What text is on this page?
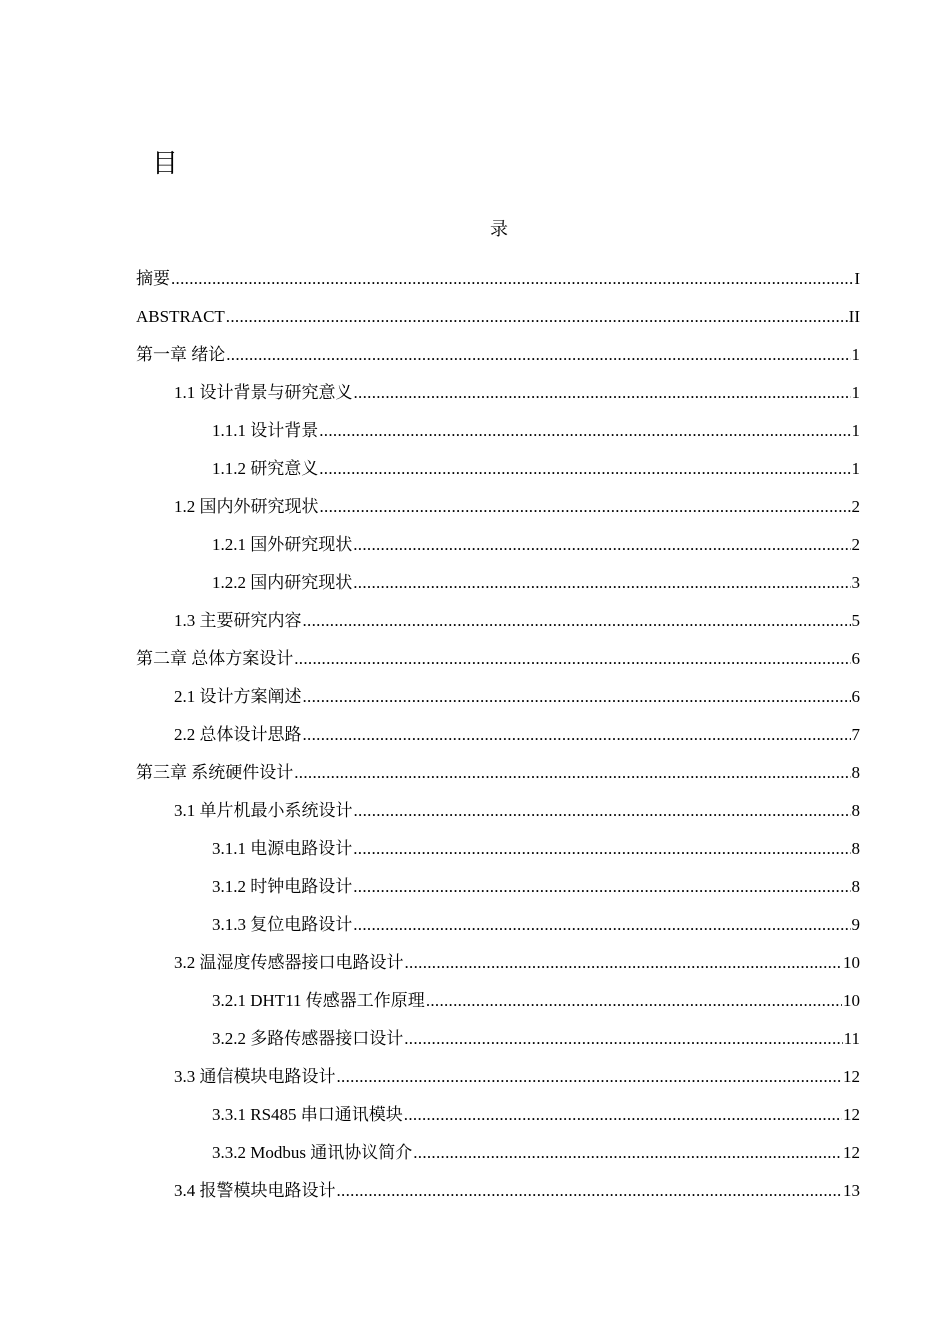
目
录
摘要 .....	I
ABSTRACT .....	II
第一章 绪论 .....	1
1.1 设计背景与研究意义 .....	1
1.1.1 设计背景 .....	1
1.1.2 研究意义 .....	1
1.2 国内外研究现状 .....	2
1.2.1 国外研究现状 .....	2
1.2.2 国内研究现状 .....	3
1.3 主要研究内容 .....	5
第二章 总体方案设计 .....	6
2.1 设计方案阐述 .....	6
2.2 总体设计思路 .....	7
第三章 系统硬件设计 .....	8
3.1 单片机最小系统设计 .....	8
3.1.1 电源电路设计 .....	8
3.1.2 时钟电路设计 .....	8
3.1.3 复位电路设计 .....	9
3.2 温湿度传感器接口电路设计 .....	10
3.2.1 DHT11 传感器工作原理 .....	10
3.2.2 多路传感器接口设计 .....	11
3.3 通信模块电路设计 .....	12
3.3.1 RS485 串口通讯模块 .....	12
3.3.2 Modbus 通讯协议简介 .....	12
3.4 报警模块电路设计 .....	13
